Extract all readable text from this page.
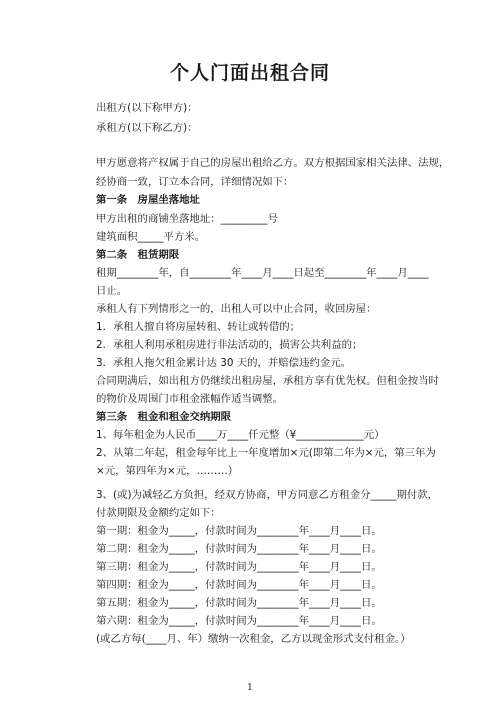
个人门面出租合同
出租方(以下称甲方)：
承租方(以下称乙方)：
甲方愿意将产权属于自己的房屋出租给乙方。双方根据国家相关法律、法规，
经协商一致，订立本合同，详细情况如下：
第一条　房屋坐落地址
甲方出租的商铺坐落地址：_________号
建筑面积_____平方米。
第二条　租赁期限
租期________年，自________年____月____日起至________年____月____
日止。
承租人有下列情形之一的，出租人可以中止合同，收回房屋：
1．承租人擅自将房屋转租、转让或转借的；
2．承租人利用承租房进行非法活动的，损害公共利益的；
3．承租人拖欠租金累计达 30 天的，并赔偿违约金元。
合同期满后，如出租方仍继续出租房屋，承租方享有优先权。但租金按当时
的物价及周围门市租金涨幅作适当调整。
第三条　租金和租金交纳期限
1、每年租金为人民币____万____仟元整（¥_____________元）
2、从第二年起，租金每年比上一年度增加×元(即第二年为×元，第三年为
×元，第四年为×元，………）
3、(或)为减轻乙方负担，经双方协商，甲方同意乙方租金分_____期付款，
付款期限及金额约定如下：
第一期：租金为_____，付款时间为________年____月____日。
第二期：租金为_____，付款时间为________年____月____日。
第三期：租金为_____，付款时间为________年____月____日。
第四期：租金为_____，付款时间为________年____月____日。
第五期：租金为_____，付款时间为________年____月____日。
第六期：租金为_____，付款时间为________年____月____日。
(或乙方每(____月、年）缴纳一次租金，乙方以现金形式支付租金。）
1
